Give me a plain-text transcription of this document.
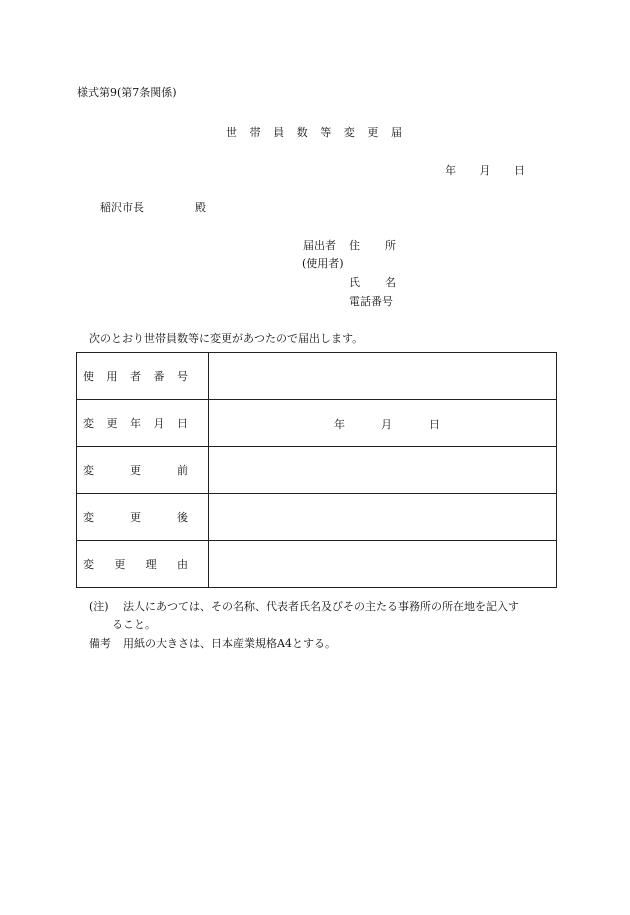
様式第9(第7条関係)
世 帯 員 数 等 変 更 届
年 月 日
稲沢市長	殿
届出者 住 所
(使用者)
氏 名
電話番号
次のとおり世帯員数等に変更があつたので届出します。
使 用 者 番 号	

変 更 年 月 日	年 月 日

変 更 前	

変 更 後	

変 更 理 由	

(注) 法人にあつては、その名称、代表者氏名及びその主たる事務所の所在地を記入す
ること。
備考 用紙の大きさは、日本産業規格A4とする。
